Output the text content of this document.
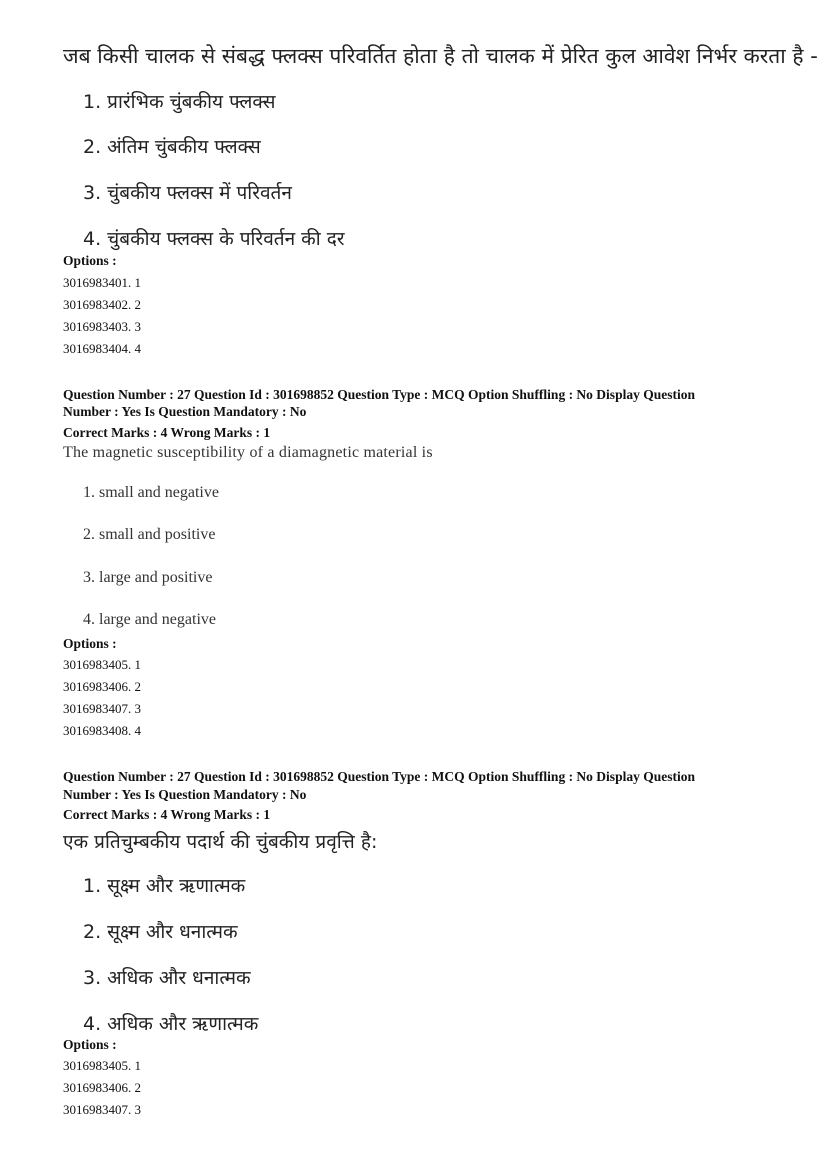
जब किसी चालक से संबद्ध फ्लक्स परिवर्तित होता है तो चालक में प्रेरित कुल आवेश निर्भर करता है -
1. प्रारंभिक चुंबकीय फ्लक्स
2. अंतिम चुंबकीय फ्लक्स
3. चुंबकीय फ्लक्स में परिवर्तन
4. चुंबकीय फ्लक्स के परिवर्तन की दर
Options :
3016983401. 1
3016983402. 2
3016983403. 3
3016983404. 4
Question Number : 27 Question Id : 301698852 Question Type : MCQ Option Shuffling : No Display Question
Number : Yes Is Question Mandatory : No
Correct Marks : 4 Wrong Marks : 1
The magnetic susceptibility of a diamagnetic material is
1. small and negative
2. small and positive
3. large and positive
4. large and negative
Options :
3016983405. 1
3016983406. 2
3016983407. 3
3016983408. 4
Question Number : 27 Question Id : 301698852 Question Type : MCQ Option Shuffling : No Display Question
Number : Yes Is Question Mandatory : No
Correct Marks : 4 Wrong Marks : 1
एक प्रतिचुम्बकीय पदार्थ की चुंबकीय प्रवृत्ति है:
1. सूक्ष्म और ऋणात्मक
2. सूक्ष्म और धनात्मक
3. अधिक और धनात्मक
4. अधिक और ऋणात्मक
Options :
3016983405. 1
3016983406. 2
3016983407. 3
